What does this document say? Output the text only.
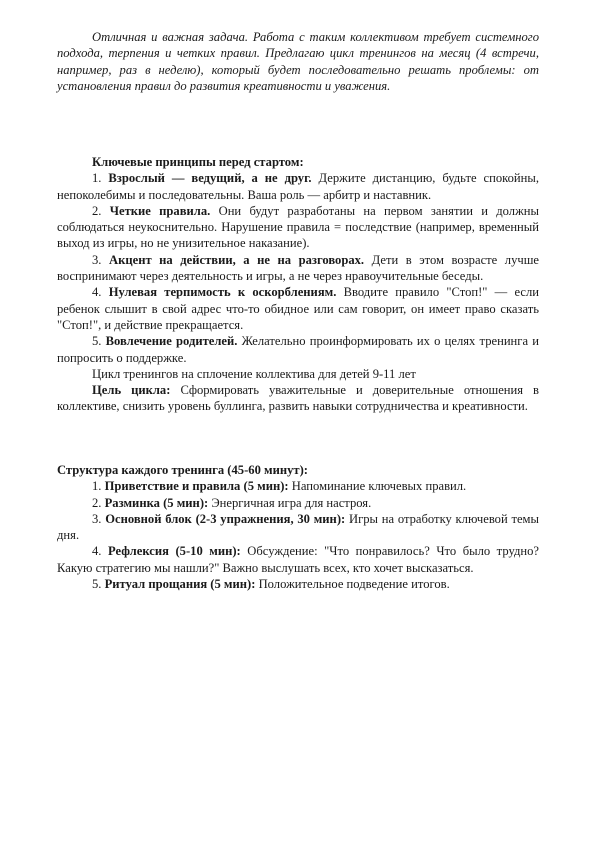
Отличная и важная задача. Работа с таким коллективом требует системного подхода, терпения и четких правил. Предлагаю цикл тренингов на месяц (4 встречи, например, раз в неделю), который будет последовательно решать проблемы: от установления правил до развития креативности и уважения.

Ключевые принципы перед стартом:

1. Взрослый — ведущий, а не друг. Держите дистанцию, будьте спокойны, непоколебимы и последовательны. Ваша роль — арбитр и наставник.

2. Четкие правила. Они будут разработаны на первом занятии и должны соблюдаться неукоснительно. Нарушение правила = последствие (например, временный выход из игры, но не унизительное наказание).

3. Акцент на действии, а не на разговорах. Дети в этом возрасте лучше воспринимают через деятельность и игры, а не через нравоучительные беседы.

4. Нулевая терпимость к оскорблениям. Вводите правило "Стоп!" — если ребенок слышит в свой адрес что-то обидное или сам говорит, он имеет право сказать "Стоп!", и действие прекращается.

5. Вовлечение родителей. Желательно проинформировать их о целях тренинга и попросить о поддержке.

Цикл тренингов на сплочение коллектива для детей 9-11 лет

Цель цикла: Сформировать уважительные и доверительные отношения в коллективе, снизить уровень буллинга, развить навыки сотрудничества и креативности.

Структура каждого тренинга (45-60 минут):

1. Приветствие и правила (5 мин): Напоминание ключевых правил.

2. Разминка (5 мин): Энергичная игра для настроя.

3. Основной блок (2-3 упражнения, 30 мин): Игры на отработку ключевой темы дня.

4. Рефлексия (5-10 мин): Обсуждение: "Что понравилось? Что было трудно? Какую стратегию мы нашли?" Важно выслушать всех, кто хочет высказаться.

5. Ритуал прощания (5 мин): Положительное подведение итогов.
